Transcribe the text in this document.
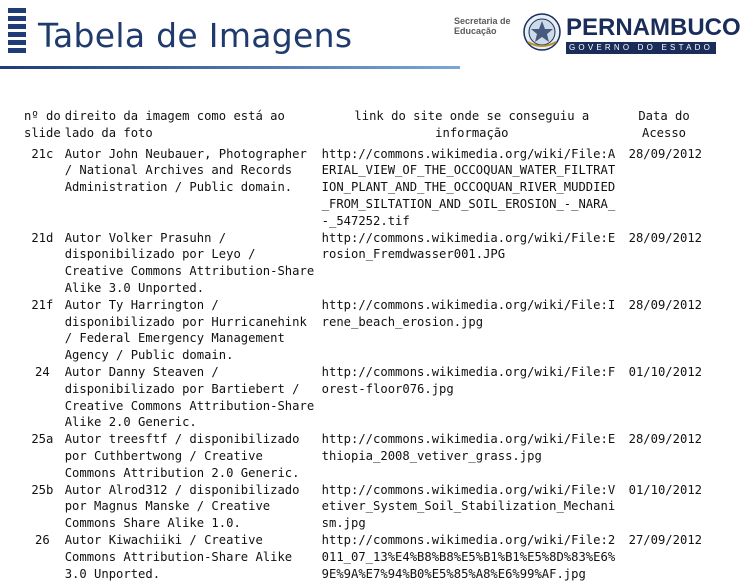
Tabela de Imagens	Secretaria de Educação	PERNAMBUCO
GOVERNO DO ESTADO
nº do slide	direito da imagem como está ao lado da foto	link do site onde se conseguiu a informação	Data do Acesso
21c	Autor John Neubauer, Photographer / National Archives and Records Administration / Public domain.	http://commons.wikimedia.org/wiki/File:AERIAL_VIEW_OF_THE_OCCOQUAN_WATER_FILTRATION_PLANT_AND_THE_OCCOQUAN_RIVER_MUDDIED_FROM_SILTATION_AND_SOIL_EROSION_-_NARA_-_547252.tif	28/09/2012
21d	Autor Volker Prasuhn / disponibilizado por Leyo / Creative Commons Attribution-Share Alike 3.0 Unported.	http://commons.wikimedia.org/wiki/File:Erosion_Fremdwasser001.JPG	28/09/2012
21f	Autor Ty Harrington / disponibilizado por Hurricanehink / Federal Emergency Management Agency / Public domain.	http://commons.wikimedia.org/wiki/File:Irene_beach_erosion.jpg	28/09/2012
24	Autor Danny Steaven / disponibilizado por Bartiebert / Creative Commons Attribution-Share Alike 2.0 Generic.	http://commons.wikimedia.org/wiki/File:Forest-floor076.jpg	01/10/2012
25a	Autor treesftf / disponibilizado por Cuthbertwong / Creative Commons Attribution 2.0 Generic.	http://commons.wikimedia.org/wiki/File:Ethiopia_2008_vetiver_grass.jpg	28/09/2012
25b	Autor Alrod312 / disponibilizado por Magnus Manske / Creative Commons Share Alike 1.0.	http://commons.wikimedia.org/wiki/File:Vetiver_System_Soil_Stabilization_Mechanism.jpg	01/10/2012
26	Autor Kiwachiiki / Creative Commons Attribution-Share Alike 3.0 Unported.	http://commons.wikimedia.org/wiki/File:2011_07_13%E4%B8%B8%E5%B1%B1%E5%8D%83%E6%9E%9A%E7%94%B0%E5%85%A8%E6%99%AF.jpg	27/09/2012
